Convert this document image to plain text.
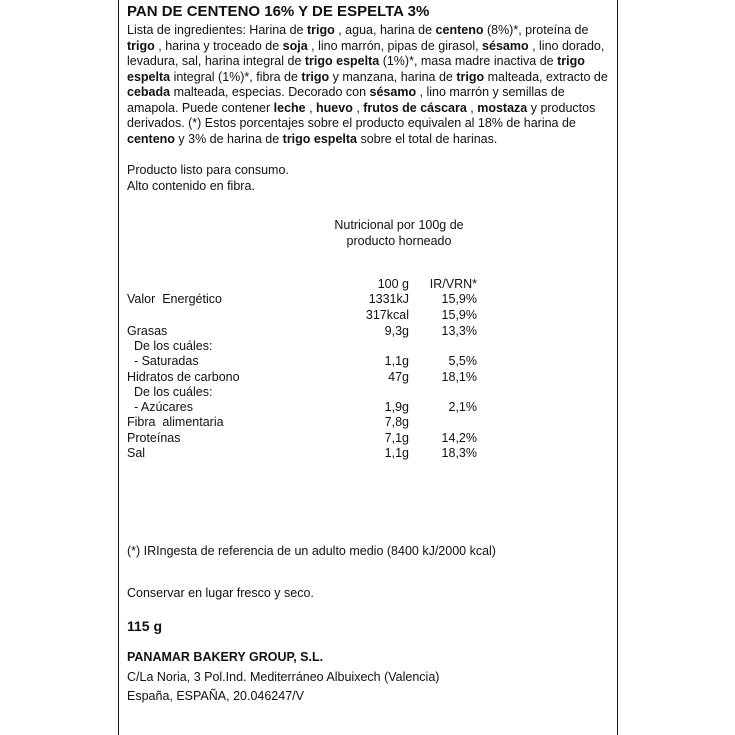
PAN DE CENTENO 16% Y DE ESPELTA 3%
Lista de ingredientes: Harina de trigo , agua, harina de centeno (8%)*, proteína de trigo , harina y troceado de soja , lino marrón, pipas de girasol, sésamo , lino dorado, levadura, sal, harina integral de trigo espelta (1%)*, masa madre inactiva de trigo espelta integral (1%)*, fibra de trigo y manzana, harina de trigo malteada, extracto de cebada malteada, especias. Decorado con sésamo , lino marrón y semillas de amapola. Puede contener leche , huevo , frutos de cáscara , mostaza y productos derivados. (*) Estos porcentajes sobre el producto equivalen al 18% de harina de centeno y 3% de harina de trigo espelta sobre el total de harinas.
Producto listo para consumo.
Alto contenido en fibra.
Nutricional por 100g de
producto horneado
100 g IR/VRN*
Valor  Energético	1331kJ	15,9%
317kcal	15,9%
Grasas	9,3g	13,3%
De los cuáles:
- Saturadas	1,1g	5,5%
Hidratos de carbono	47g	18,1%
De los cuáles:
- Azúcares	1,9g	2,1%
Fibra  alimentaria	7,8g
Proteínas	7,1g	14,2%
Sal	1,1g	18,3%
(*) IRIngesta de referencia de un adulto medio (8400 kJ/2000 kcal)
Conservar en lugar fresco y seco.
115 g
PANAMAR BAKERY GROUP, S.L.
C/La Noria, 3 Pol.Ind. Mediterráneo Albuixech (Valencia)
España, ESPAÑA, 20.046247/V
